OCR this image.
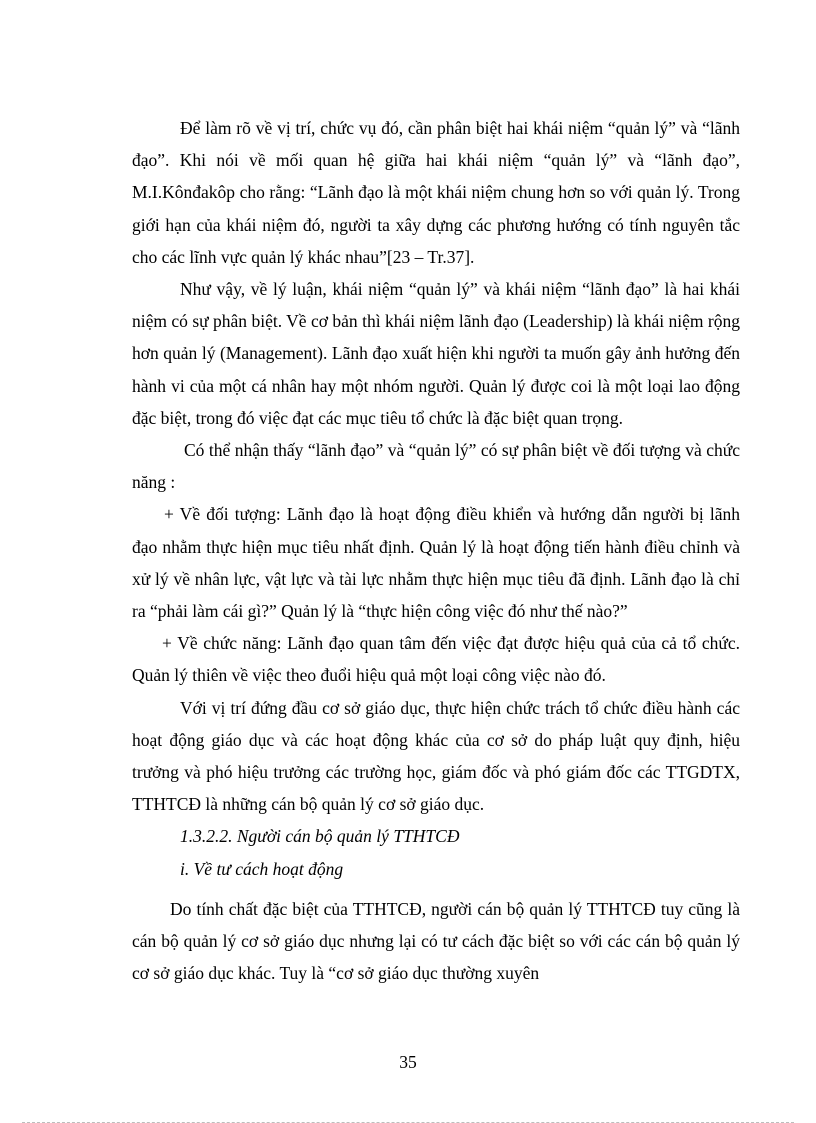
Để làm rõ về vị trí, chức vụ đó, cần phân biệt hai khái niệm “quản lý” và “lãnh đạo”. Khi nói về mối quan hệ giữa hai khái niệm “quản lý” và “lãnh đạo”, M.I.Kônđakôp cho rằng: “Lãnh đạo là một khái niệm chung hơn so với quản lý. Trong giới hạn của khái niệm đó, người ta xây dựng các phương hướng có tính nguyên tắc cho các lĩnh vực quản lý khác nhau”[23 – Tr.37].

Như vậy, về lý luận, khái niệm “quản lý” và khái niệm “lãnh đạo” là hai khái niệm có sự phân biệt. Về cơ bản thì khái niệm lãnh đạo (Leadership) là khái niệm rộng hơn quản lý (Management). Lãnh đạo xuất hiện khi người ta muốn gây ảnh hưởng đến hành vi của một cá nhân hay một nhóm người. Quản lý được coi là một loại lao động đặc biệt, trong đó việc đạt các mục tiêu tổ chức là đặc biệt quan trọng.

Có thể nhận thấy “lãnh đạo” và “quản lý” có sự phân biệt về đối tượng và chức năng :

+ Về đối tượng: Lãnh đạo là hoạt động điều khiển và hướng dẫn người bị lãnh đạo nhằm thực hiện mục tiêu nhất định. Quản lý là hoạt động tiến hành điều chỉnh và xử lý về nhân lực, vật lực và tài lực nhằm thực hiện mục tiêu đã định. Lãnh đạo là chỉ ra “phải làm cái gì?” Quản lý là “thực hiện công việc đó như thế nào?”

+ Về chức năng: Lãnh đạo quan tâm đến việc đạt được hiệu quả của cả tổ chức. Quản lý thiên về việc theo đuổi hiệu quả một loại công việc nào đó.

Với vị trí đứng đầu cơ sở giáo dục, thực hiện chức trách tổ chức điều hành các hoạt động giáo dục và các hoạt động khác của cơ sở do pháp luật quy định, hiệu trưởng và phó hiệu trưởng các trường học, giám đốc và phó giám đốc các TTGDTX, TTHTCĐ là những cán bộ quản lý cơ sở giáo dục.

1.3.2.2. Người cán bộ quản lý TTHTCĐ

i. Về tư cách hoạt động

Do tính chất đặc biệt của TTHTCĐ, người cán bộ quản lý TTHTCĐ tuy cũng là cán bộ quản lý cơ sở giáo dục nhưng lại có tư cách đặc biệt so với các cán bộ quản lý cơ sở giáo dục khác. Tuy là “cơ sở giáo dục thường xuyên

35
